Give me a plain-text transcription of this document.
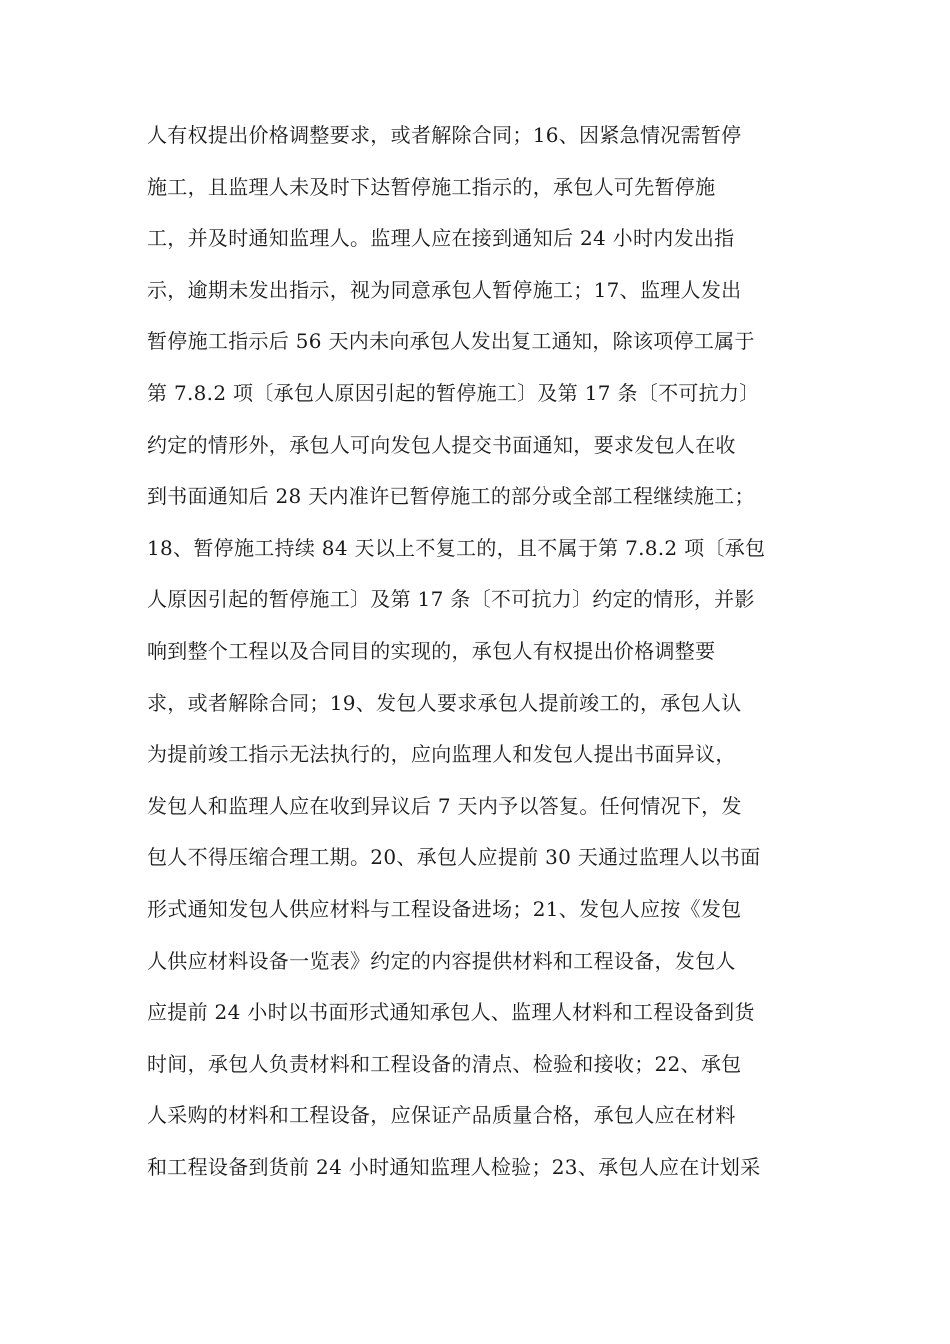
人有权提出价格调整要求，或者解除合同；16、因紧急情况需暂停
施工，且监理人未及时下达暂停施工指示的，承包人可先暂停施
工，并及时通知监理人。监理人应在接到通知后 24 小时内发出指
示，逾期未发出指示，视为同意承包人暂停施工；17、监理人发出
暂停施工指示后 56 天内未向承包人发出复工通知，除该项停工属于
第 7.8.2 项〔承包人原因引起的暂停施工〕及第 17 条〔不可抗力〕
约定的情形外，承包人可向发包人提交书面通知，要求发包人在收
到书面通知后 28 天内准许已暂停施工的部分或全部工程继续施工；
18、暂停施工持续 84 天以上不复工的，且不属于第 7.8.2 项〔承包
人原因引起的暂停施工〕及第 17 条〔不可抗力〕约定的情形，并影
响到整个工程以及合同目的实现的，承包人有权提出价格调整要
求，或者解除合同；19、发包人要求承包人提前竣工的，承包人认
为提前竣工指示无法执行的，应向监理人和发包人提出书面异议，
发包人和监理人应在收到异议后 7 天内予以答复。任何情况下，发
包人不得压缩合理工期。20、承包人应提前 30 天通过监理人以书面
形式通知发包人供应材料与工程设备进场；21、发包人应按《发包
人供应材料设备一览表》约定的内容提供材料和工程设备，发包人
应提前 24 小时以书面形式通知承包人、监理人材料和工程设备到货
时间，承包人负责材料和工程设备的清点、检验和接收；22、承包
人采购的材料和工程设备，应保证产品质量合格，承包人应在材料
和工程设备到货前 24 小时通知监理人检验；23、承包人应在计划采
